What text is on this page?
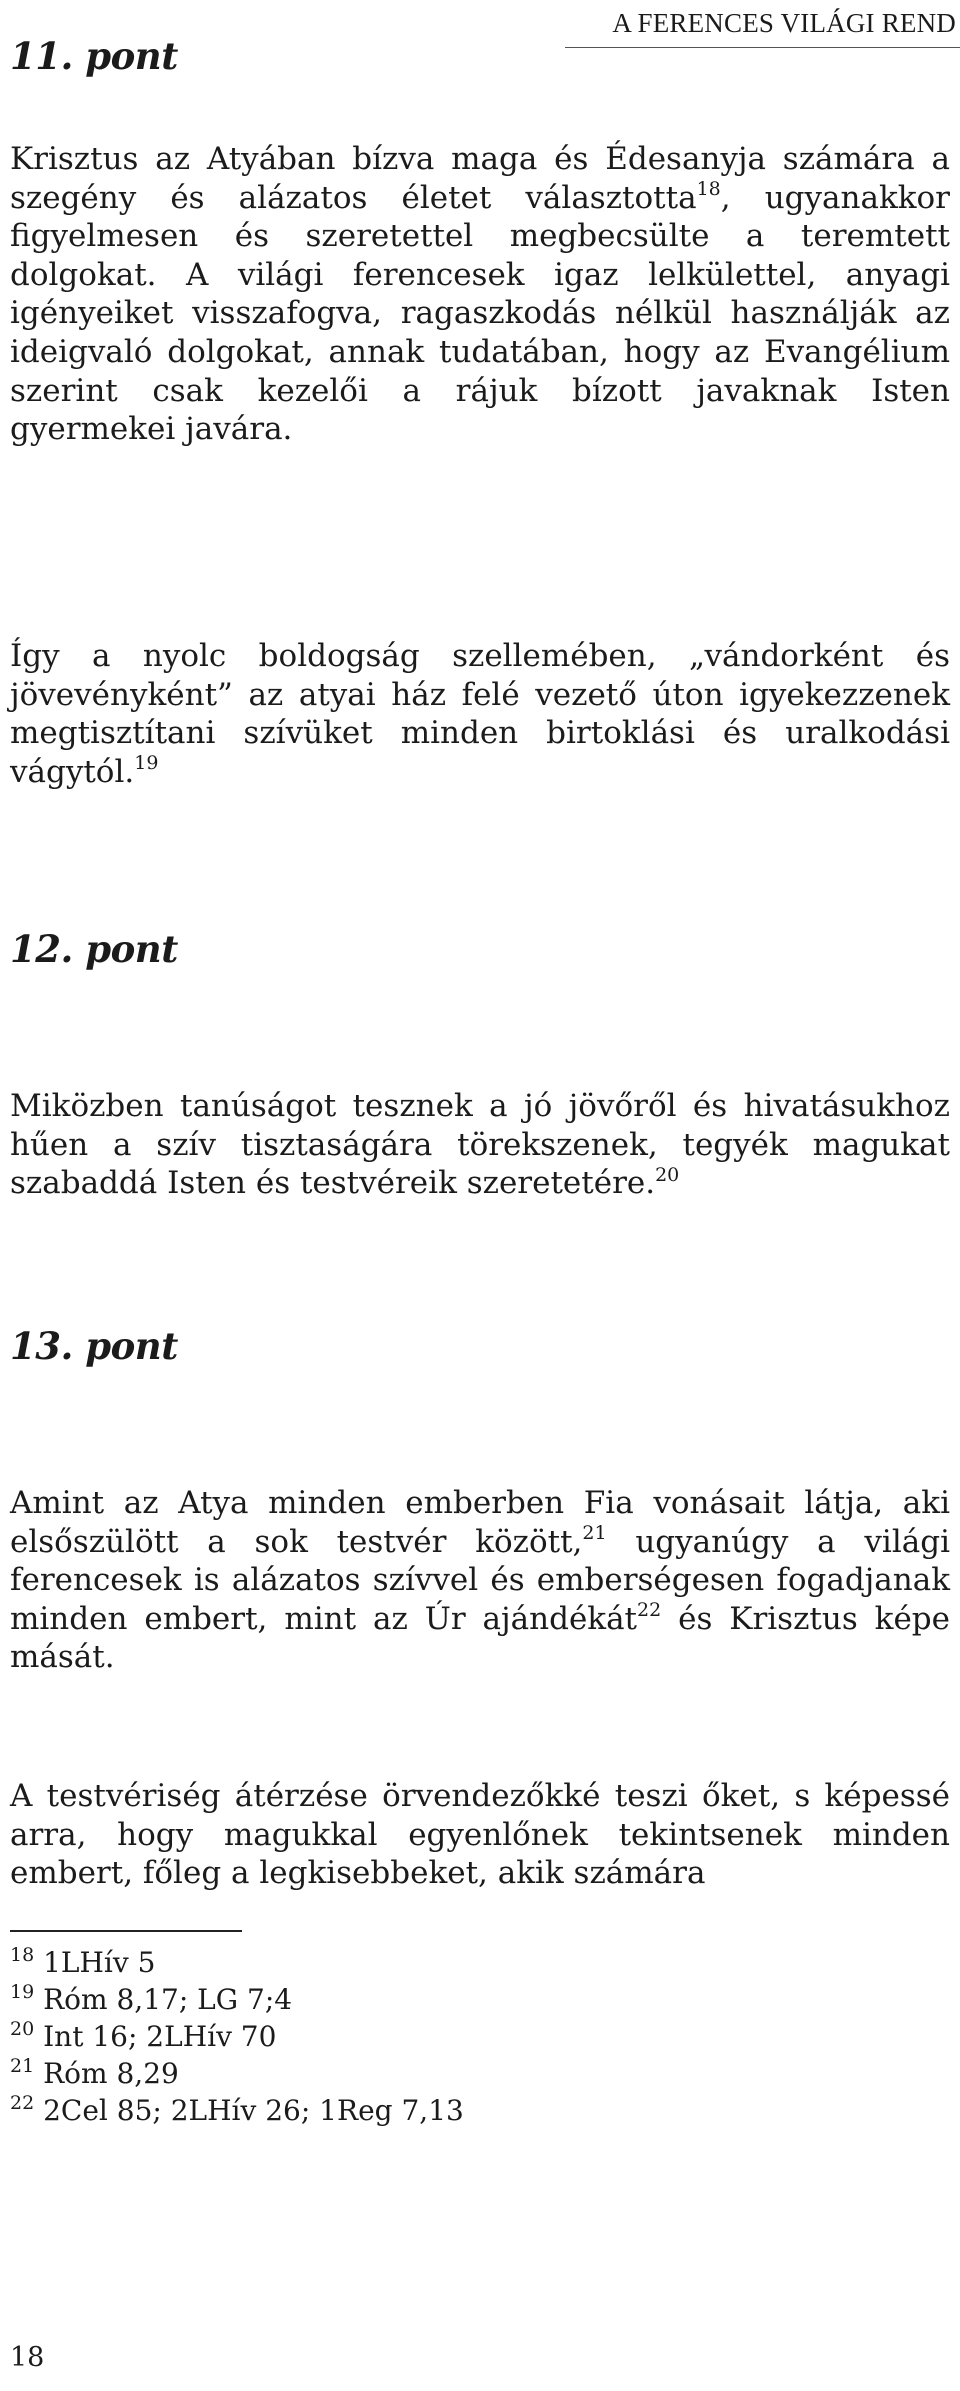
A FERENCES VILÁGI REND
11. pont
Krisztus az Atyában bízva maga és Édesanyja számára a szegény és alázatos életet választotta$^{18}$, ugyanakkor figyelmesen és szeretettel megbecsülte a teremtett dolgokat. A világi ferencesek igaz lelkülettel, anyagi igényeiket visszafogva, ragaszkodás nélkül használják az ideigvaló dolgokat, annak tudatában, hogy az Evangélium szerint csak kezelői a rájuk bízott javaknak Isten gyermekei javára.
Így a nyolc boldogság szellemében, „vándorként és jövevényként” az atyai ház felé vezető úton igyekezzenek megtisztítani szívüket minden birtoklási és uralkodási vágytól.$^{19}$
12. pont
Miközben tanúságot tesznek a jó jövőről és hivatásukhoz hűen a szív tisztaságára törekszenek, tegyék magukat szabaddá Isten és testvéreik szeretetére.$^{20}$
13. pont
Amint az Atya minden emberben Fia vonásait látja, aki elsőszülött a sok testvér között,$^{21}$ ugyanúgy a világi ferencesek is alázatos szívvel és emberségesen fogadjanak minden embert, mint az Úr ajándékát$^{22}$ és Krisztus képe mását.
A testvériség átérzése örvendezőkké teszi őket, s képessé arra, hogy magukkal egyenlőnek tekintsenek minden embert, főleg a legkisebbeket, akik számára
$^{18}$ 1LHív 5
$^{19}$ Róm 8,17; LG 7;4
$^{20}$ Int 16; 2LHív 70
$^{21}$ Róm 8,29
$^{22}$ 2Cel 85; 2LHív 26; 1Reg 7,13
18
